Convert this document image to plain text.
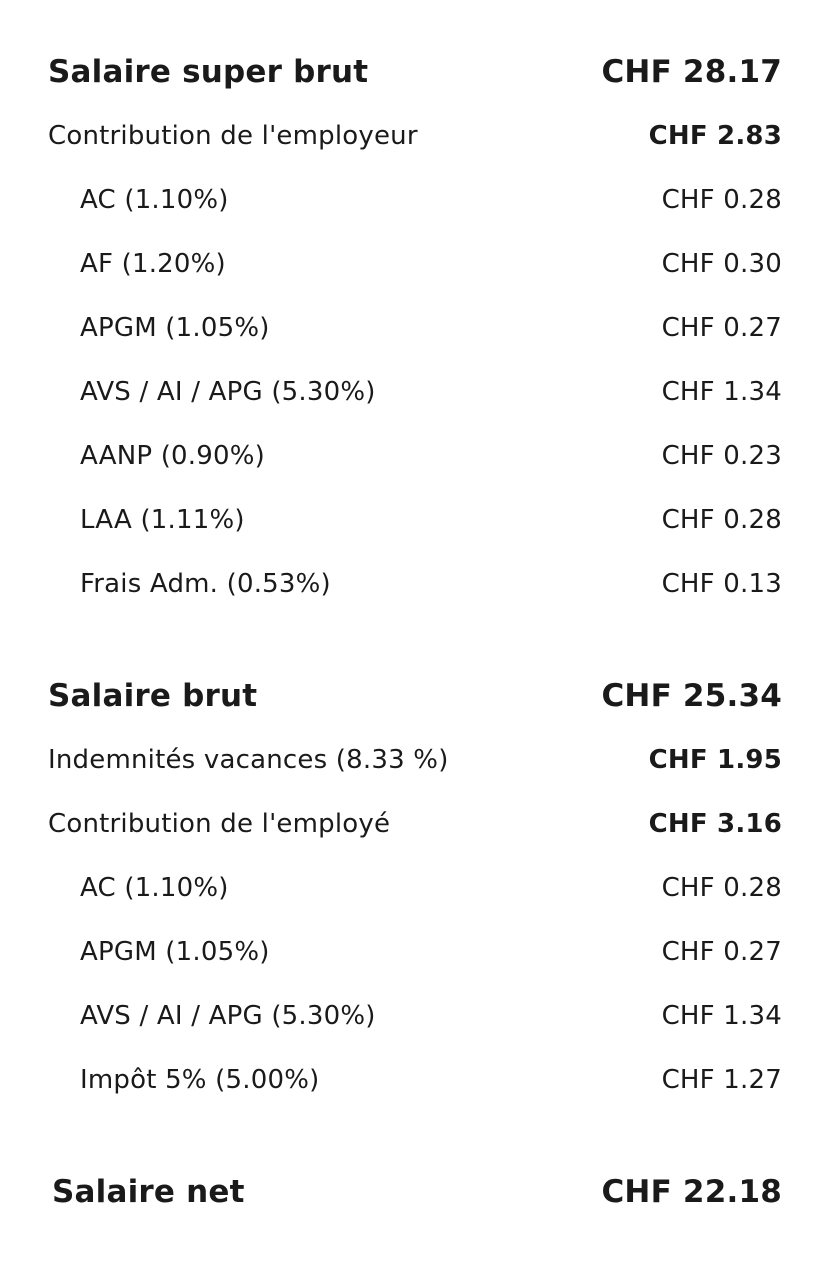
Salaire super brut	CHF 28.17
Contribution de l'employeur	CHF 2.83
AC (1.10%)	CHF 0.28
AF (1.20%)	CHF 0.30
APGM (1.05%)	CHF 0.27
AVS / AI / APG (5.30%)	CHF 1.34
AANP (0.90%)	CHF 0.23
LAA (1.11%)	CHF 0.28
Frais Adm. (0.53%)	CHF 0.13
Salaire brut	CHF 25.34
Indemnités vacances (8.33 %)	CHF 1.95
Contribution de l'employé	CHF 3.16
AC (1.10%)	CHF 0.28
APGM (1.05%)	CHF 0.27
AVS / AI / APG (5.30%)	CHF 1.34
Impôt 5% (5.00%)	CHF 1.27
Salaire net	CHF 22.18
